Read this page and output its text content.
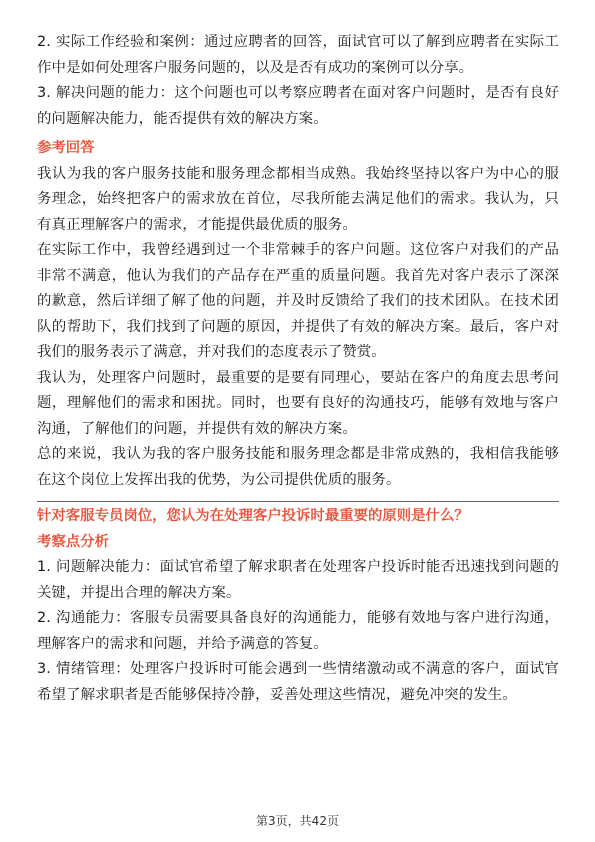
2. 实际工作经验和案例：通过应聘者的回答，面试官可以了解到应聘者在实际工作中是如何处理客户服务问题的，以及是否有成功的案例可以分享。

3. 解决问题的能力：这个问题也可以考察应聘者在面对客户问题时，是否有良好的问题解决能力，能否提供有效的解决方案。

参考回答

我认为我的客户服务技能和服务理念都相当成熟。我始终坚持以客户为中心的服务理念，始终把客户的需求放在首位，尽我所能去满足他们的需求。我认为，只有真正理解客户的需求，才能提供最优质的服务。

在实际工作中，我曾经遇到过一个非常棘手的客户问题。这位客户对我们的产品非常不满意，他认为我们的产品存在严重的质量问题。我首先对客户表示了深深的歉意，然后详细了解了他的问题，并及时反馈给了我们的技术团队。在技术团队的帮助下，我们找到了问题的原因，并提供了有效的解决方案。最后，客户对我们的服务表示了满意，并对我们的态度表示了赞赏。

我认为，处理客户问题时，最重要的是要有同理心，要站在客户的角度去思考问题，理解他们的需求和困扰。同时，也要有良好的沟通技巧，能够有效地与客户沟通，了解他们的问题，并提供有效的解决方案。

总的来说，我认为我的客户服务技能和服务理念都是非常成熟的，我相信我能够在这个岗位上发挥出我的优势，为公司提供优质的服务。

针对客服专员岗位，您认为在处理客户投诉时最重要的原则是什么？

考察点分析

1. 问题解决能力：面试官希望了解求职者在处理客户投诉时能否迅速找到问题的关键，并提出合理的解决方案。

2. 沟通能力：客服专员需要具备良好的沟通能力，能够有效地与客户进行沟通，理解客户的需求和问题，并给予满意的答复。

3. 情绪管理：处理客户投诉时可能会遇到一些情绪激动或不满意的客户，面试官希望了解求职者是否能够保持冷静，妥善处理这些情况，避免冲突的发生。

第3页，共42页
